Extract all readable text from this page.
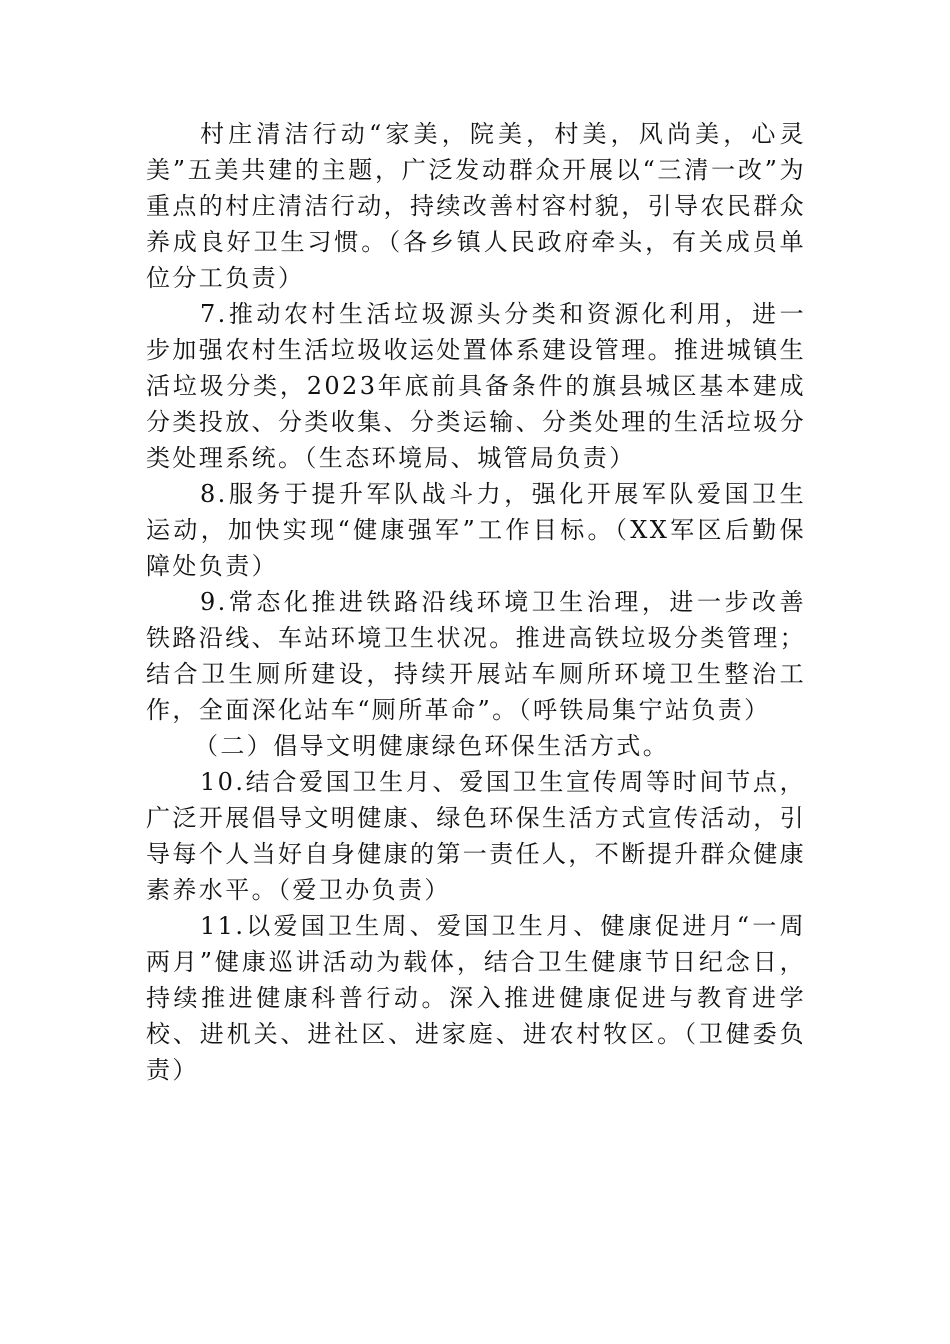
村庄清洁行动“家美，院美，村美，风尚美，心灵美”五美共建的主题，广泛发动群众开展以“三清一改”为重点的村庄清洁行动，持续改善村容村貌，引导农民群众养成良好卫生习惯。（各乡镇人民政府牵头，有关成员单位分工负责）

7.推动农村生活垃圾源头分类和资源化利用，进一步加强农村生活垃圾收运处置体系建设管理。推进城镇生活垃圾分类，2023年底前具备条件的旗县城区基本建成分类投放、分类收集、分类运输、分类处理的生活垃圾分类处理系统。（生态环境局、城管局负责）

8.服务于提升军队战斗力，强化开展军队爱国卫生运动，加快实现“健康强军”工作目标。（XX军区后勤保障处负责）

9.常态化推进铁路沿线环境卫生治理，进一步改善铁路沿线、车站环境卫生状况。推进高铁垃圾分类管理；结合卫生厕所建设，持续开展站车厕所环境卫生整治工作，全面深化站车“厕所革命”。（呼铁局集宁站负责）

（二）倡导文明健康绿色环保生活方式。

10.结合爱国卫生月、爱国卫生宣传周等时间节点，广泛开展倡导文明健康、绿色环保生活方式宣传活动，引导每个人当好自身健康的第一责任人，不断提升群众健康素养水平。（爱卫办负责）

11.以爱国卫生周、爱国卫生月、健康促进月“一周两月”健康巡讲活动为载体，结合卫生健康节日纪念日，持续推进健康科普行动。深入推进健康促进与教育进学校、进机关、进社区、进家庭、进农村牧区。（卫健委负责）
